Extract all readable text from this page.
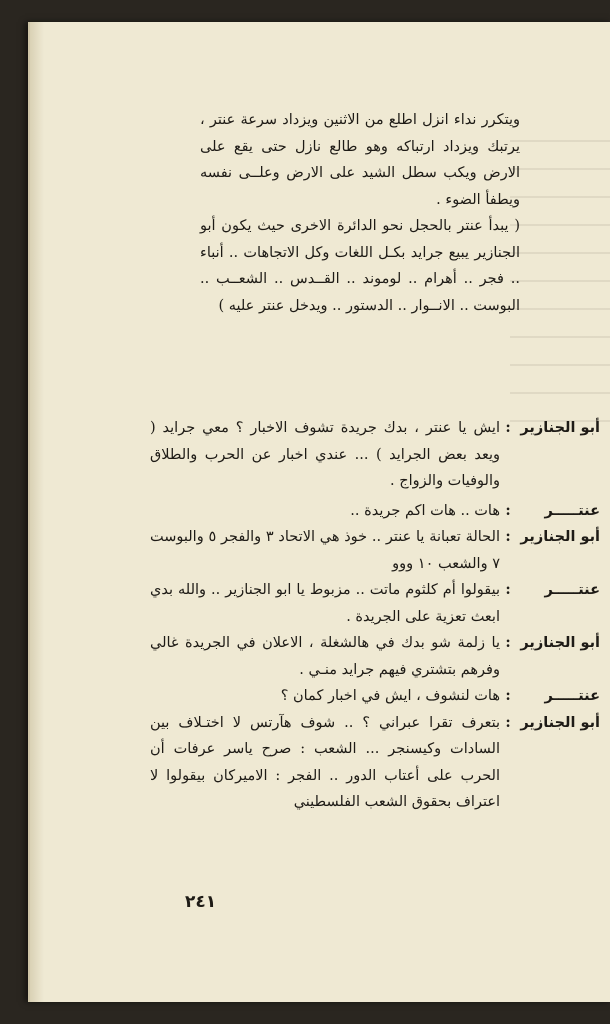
ويتكرر نداء انزل اطلع من الاثنين ويزداد سرعة عنتر ، يرتبك ويزداد ارتباكه وهو طالع نازل حتى يقع على الارض ويكب سطل الشيد على الارض وعلــى نفسه ويطفأ الضوء .

( يبدأ عنتر بالحجل نحو الدائرة الاخرى حيث يكون أبو الجنازير يبيع جرايد بكـل اللغات وكل الاتجاهات .. أنباء .. فجر .. أهرام .. لوموند .. القــدس .. الشعــب .. البوست .. الانــوار .. الدستور .. ويدخل عنتر عليه )

أبو الجنازير
:
ايش يا عنتر ، بدك جريدة تشوف الاخبار ؟ معي جرايد ( ويعد بعض الجرايد ) ... عندي اخبار عن الحرب والطلاق والوفيات والزواج .
عنتـــــر
:
هات .. هات اكم جريدة ..
أبو الجنازير
:
الحالة تعبانة يا عنتر .. خوذ هي الاتحاد ٣ والفجر ٥ والبوست ٧ والشعب ١٠ ووو
عنتـــــر
:
بيقولوا أم كلثوم ماتت .. مزبوط يا ابو الجنازير .. والله بدي ابعث تعزية على الجريدة .
أبو الجنازير
:
يا زلمة شو بدك في هالشغلة ، الاعلان في الجريدة غالي وفرهم بتشتري فيهم جرايد منـي .
عنتـــــر
:
هات لنشوف ، ايش في اخبار كمان ؟
أبو الجنازير
:
بتعرف تقرا عبراني ؟ .. شوف هآرتس لا اختـلاف بين السادات وكيسنجر ... الشعب : صرح ياسر عرفات أن الحرب على أعتاب الدور .. الفجر : الاميركان بيقولوا لا اعتراف بحقوق الشعب الفلسطيني
٢٤١
